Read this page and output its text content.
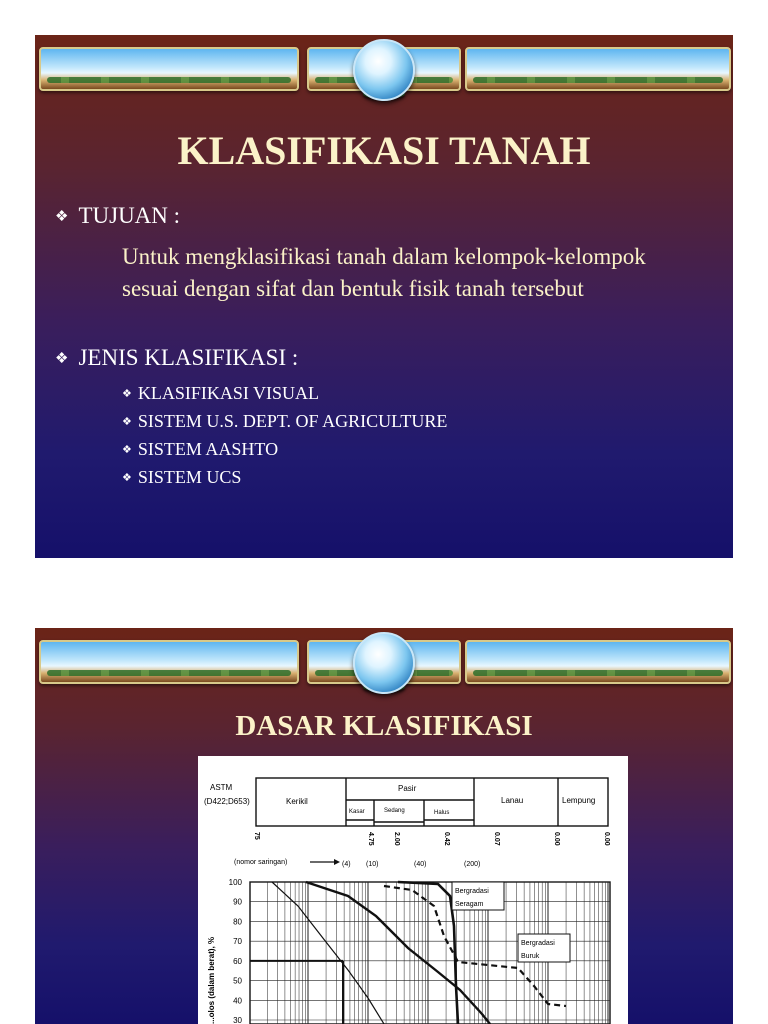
KLASIFIKASI TANAH
❖ TUJUAN :
Untuk mengklasifikasi tanah dalam kelompok-kelompok sesuai dengan sifat dan bentuk fisik tanah tersebut
❖ JENIS KLASIFIKASI :
❖ KLASIFIKASI VISUAL
❖ SISTEM U.S. DEPT. OF AGRICULTURE
❖ SISTEM AASHTO
❖ SISTEM UCS
DASAR KLASIFIKASI
ASTM
(D422;D653)	Kerikil
Pasir
Kasar	Sedang	Halus
Lanau	Lempung
75	4.75	2.00	0.42	0.07	0.00	0.00
(nomor saringan)	(4) (10)	(40)	(200)
...olos (dalam berat), %
100
90
80
70
60
50
40
30
Bergradasi
Seragam
Bergradasi
Buruk
